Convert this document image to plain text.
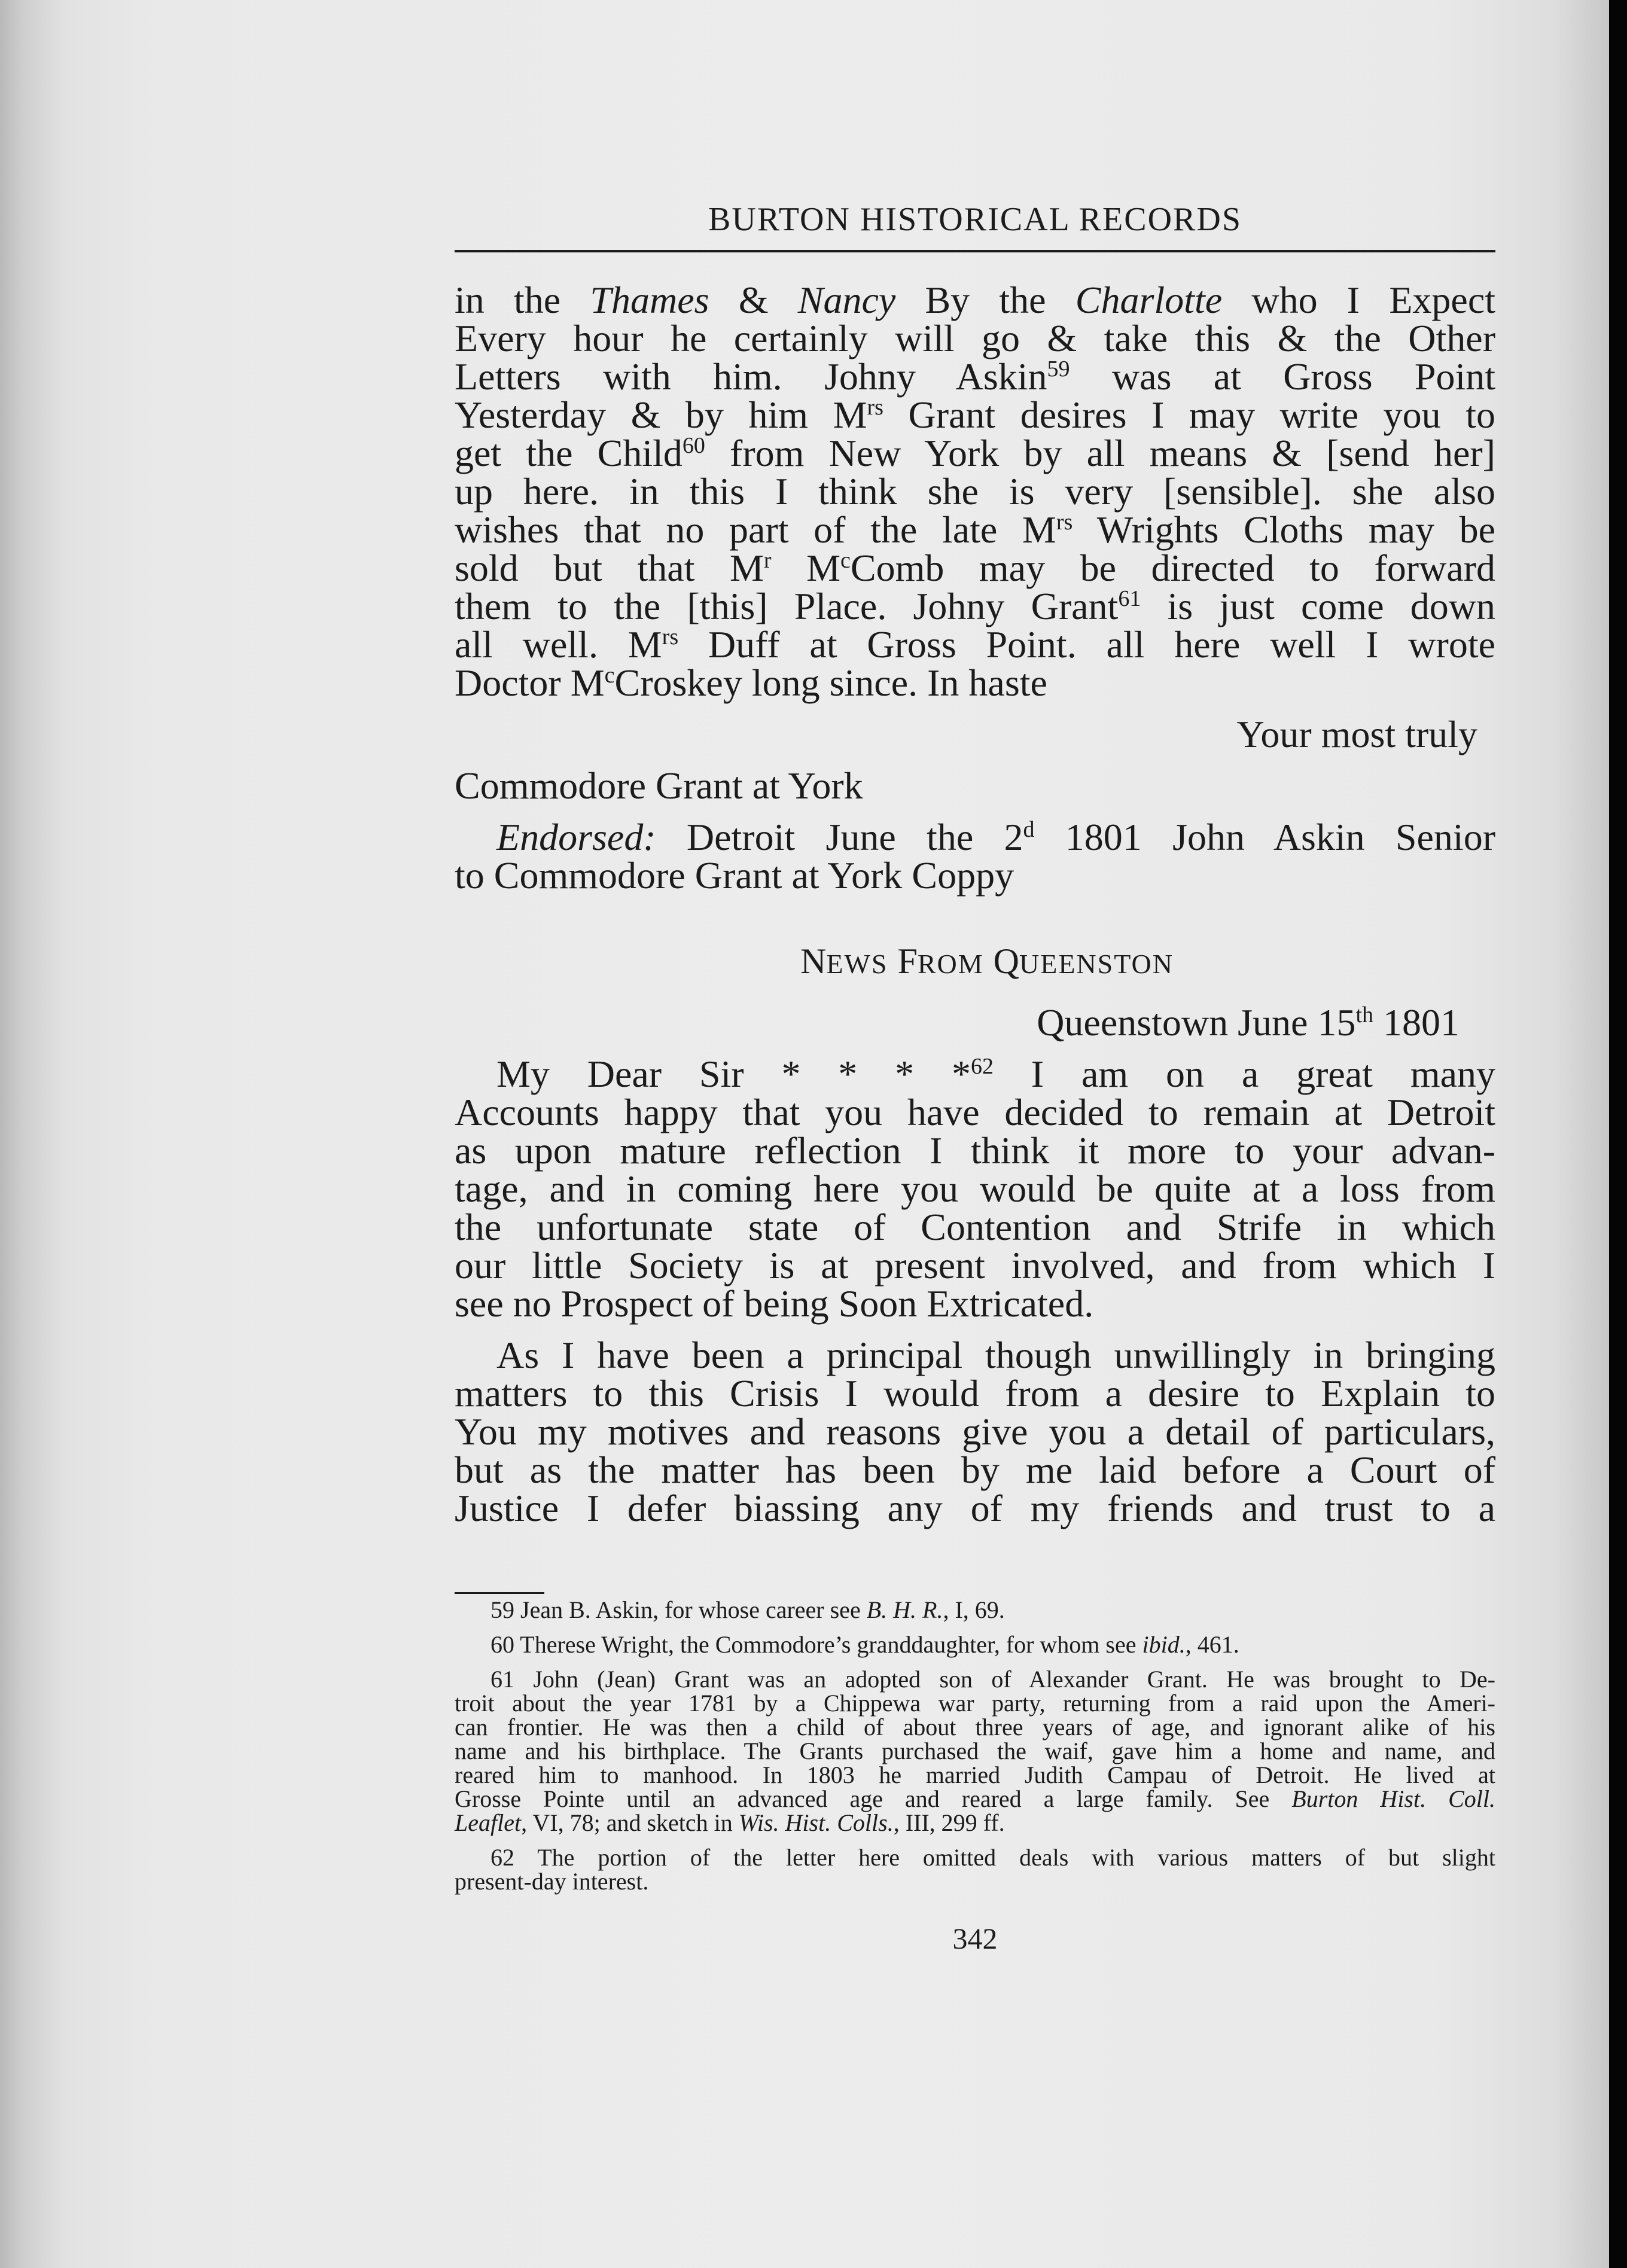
BURTON HISTORICAL RECORDS
in the Thames & Nancy By the Charlotte who I Expect
Every hour he certainly will go & take this & the Other
Letters with him. Johny Askin$^{59}$ was at Gross Point
Yesterday & by him $M^{rs}$ Grant desires I may write you to
get the Child$^{60}$ from New York by all means & [send her]
up here. in this I think she is very [sensible]. she also
wishes that no part of the late $M^{rs}$ Wrights Cloths may be
sold but that $M^r$ $M^cComb$ may be directed to forward
them to the [this] Place. Johny Grant$^{61}$ is just come down
all well. $M^{rs}$ Duff at Gross Point. all here well I wrote
Doctor $M^cCroskey$ long since. In haste
Your most truly
Commodore Grant at York
Endorsed: Detroit June the 2$^d$ 1801 John Askin Senior
to Commodore Grant at York Coppy
NEWS FROM QUEENSTON
Queenstown June 15th 1801
My Dear Sir * * * *$^{62}$ I am on a great many
Accounts happy that you have decided to remain at Detroit
as upon mature reflection I think it more to your advan-
tage, and in coming here you would be quite at a loss from
the unfortunate state of Contention and Strife in which
our little Society is at present involved, and from which I
see no Prospect of being Soon Extricated.
As I have been a principal though unwillingly in bringing
matters to this Crisis I would from a desire to Explain to
You my motives and reasons give you a detail of particulars,
but as the matter has been by me laid before a Court of
Justice I defer biassing any of my friends and trust to a
59 Jean B. Askin, for whose career see B. H. R., I, 69.
60 Therese Wright, the Commodore’s granddaughter, for whom see ibid., 461.
61 John (Jean) Grant was an adopted son of Alexander Grant. He was brought to De-
troit about the year 1781 by a Chippewa war party, returning from a raid upon the Ameri-
can frontier. He was then a child of about three years of age, and ignorant alike of his
name and his birthplace. The Grants purchased the waif, gave him a home and name, and
reared him to manhood. In 1803 he married Judith Campau of Detroit. He lived at
Grosse Pointe until an advanced age and reared a large family. See Burton Hist. Coll.
Leaflet, VI, 78; and sketch in Wis. Hist. Colls., III, 299 ff.
62 The portion of the letter here omitted deals with various matters of but slight
present-day interest.
342
